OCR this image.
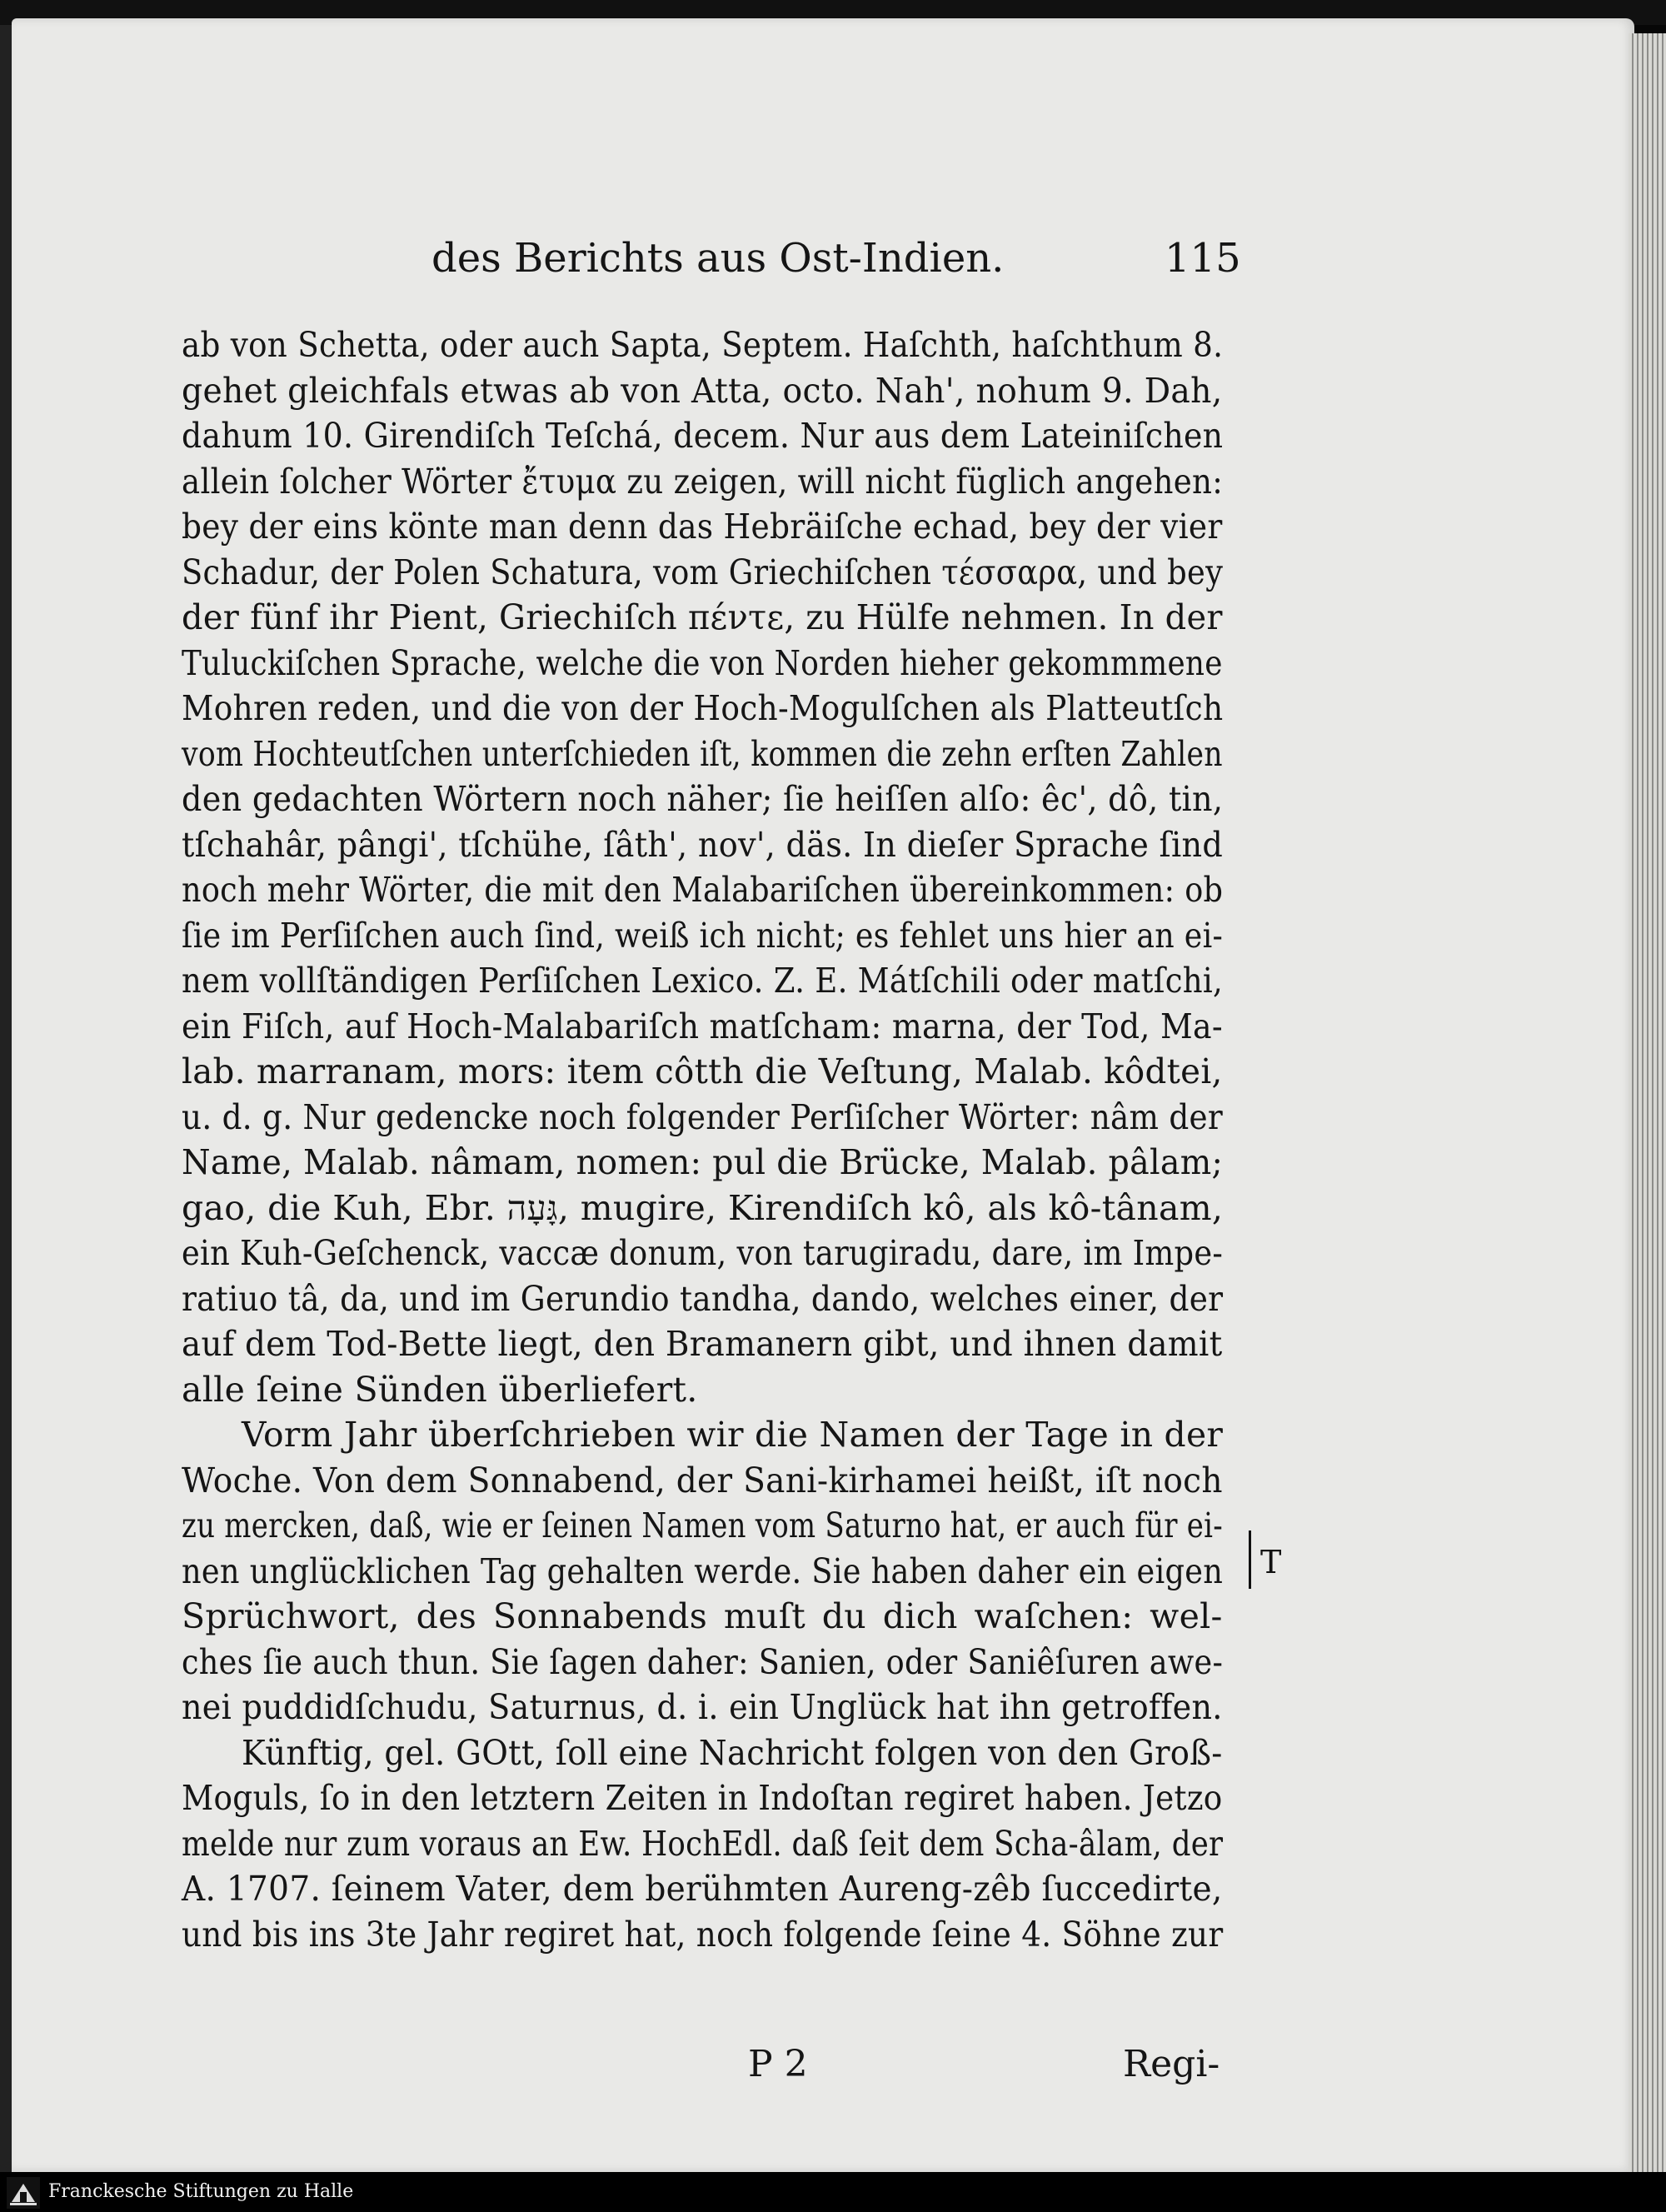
des Berichts aus Ost-Indien.	115
ab von Schetta, oder auch Sapta, Septem. Haſchth, haſchthum 8.
gehet gleichfals etwas ab von Atta, octo. Nah', nohum 9. Dah,
dahum 10. Girendiſch Teſchá, decem. Nur aus dem Lateiniſchen
allein ſolcher Wörter ἔτυμα zu zeigen, will nicht füglich angehen:
bey der eins könte man denn das Hebräiſche echad, bey der vier
Schadur, der Polen Schatura, vom Griechiſchen τέσσαρα, und bey
der fünf ihr Pient, Griechiſch πέντε, zu Hülfe nehmen. In der
Tuluckiſchen Sprache, welche die von Norden hieher gekommmene
Mohren reden, und die von der Hoch-Mogulſchen als Platteutſch
vom Hochteutſchen unterſchieden iſt, kommen die zehn erſten Zahlen
den gedachten Wörtern noch näher; ſie heiſſen alſo: êc', dô, tin,
tſchahâr, pângi', tſchühe, ſâth', nov', däs. In dieſer Sprache ſind
noch mehr Wörter, die mit den Malabariſchen übereinkommen: ob
ſie im Perſiſchen auch ſind, weiß ich nicht; es fehlet uns hier an ei-
nem vollſtändigen Perſiſchen Lexico. Z. E. Mátſchili oder matſchi,
ein Fiſch, auf Hoch-Malabariſch matſcham: marna, der Tod, Ma-
lab. marranam, mors: item côtth die Veſtung, Malab. kôdtei,
u. d. g. Nur gedencke noch folgender Perſiſcher Wörter: nâm der
Name, Malab. nâmam, nomen: pul die Brücke, Malab. pâlam;
gao, die Kuh, Ebr. גָּעָה, mugire, Kirendiſch kô, als kô-tânam,
ein Kuh-Geſchenck, vaccæ donum, von tarugiradu, dare, im Impe-
ratiuo tâ, da, und im Gerundio tandha, dando, welches einer, der
auf dem Tod-Bette liegt, den Bramanern gibt, und ihnen damit
alle ſeine Sünden überliefert.
Vorm Jahr überſchrieben wir die Namen der Tage in der
Woche. Von dem Sonnabend, der Sani-kirhamei heißt, iſt noch
zu mercken, daß, wie er ſeinen Namen vom Saturno hat, er auch für ei-
nen unglücklichen Tag gehalten werde. Sie haben daher ein eigen
Sprüchwort, des Sonnabends muſt du dich waſchen: wel-
ches ſie auch thun. Sie ſagen daher: Sanien, oder Saniêſuren awe-
nei puddidſchudu, Saturnus, d. i. ein Unglück hat ihn getroffen.
Künftig, gel. GOtt, ſoll eine Nachricht folgen von den Groß-
Moguls, ſo in den letztern Zeiten in Indoſtan regiret haben. Jetzo
melde nur zum voraus an Ew. HochEdl. daß ſeit dem Scha-âlam, der
A. 1707. ſeinem Vater, dem berühmten Aureng-zêb ſuccedirte,
und bis ins 3te Jahr regiret hat, noch folgende ſeine 4. Söhne zur
P 2	Regi-
T
Franckesche Stiftungen zu Halle
